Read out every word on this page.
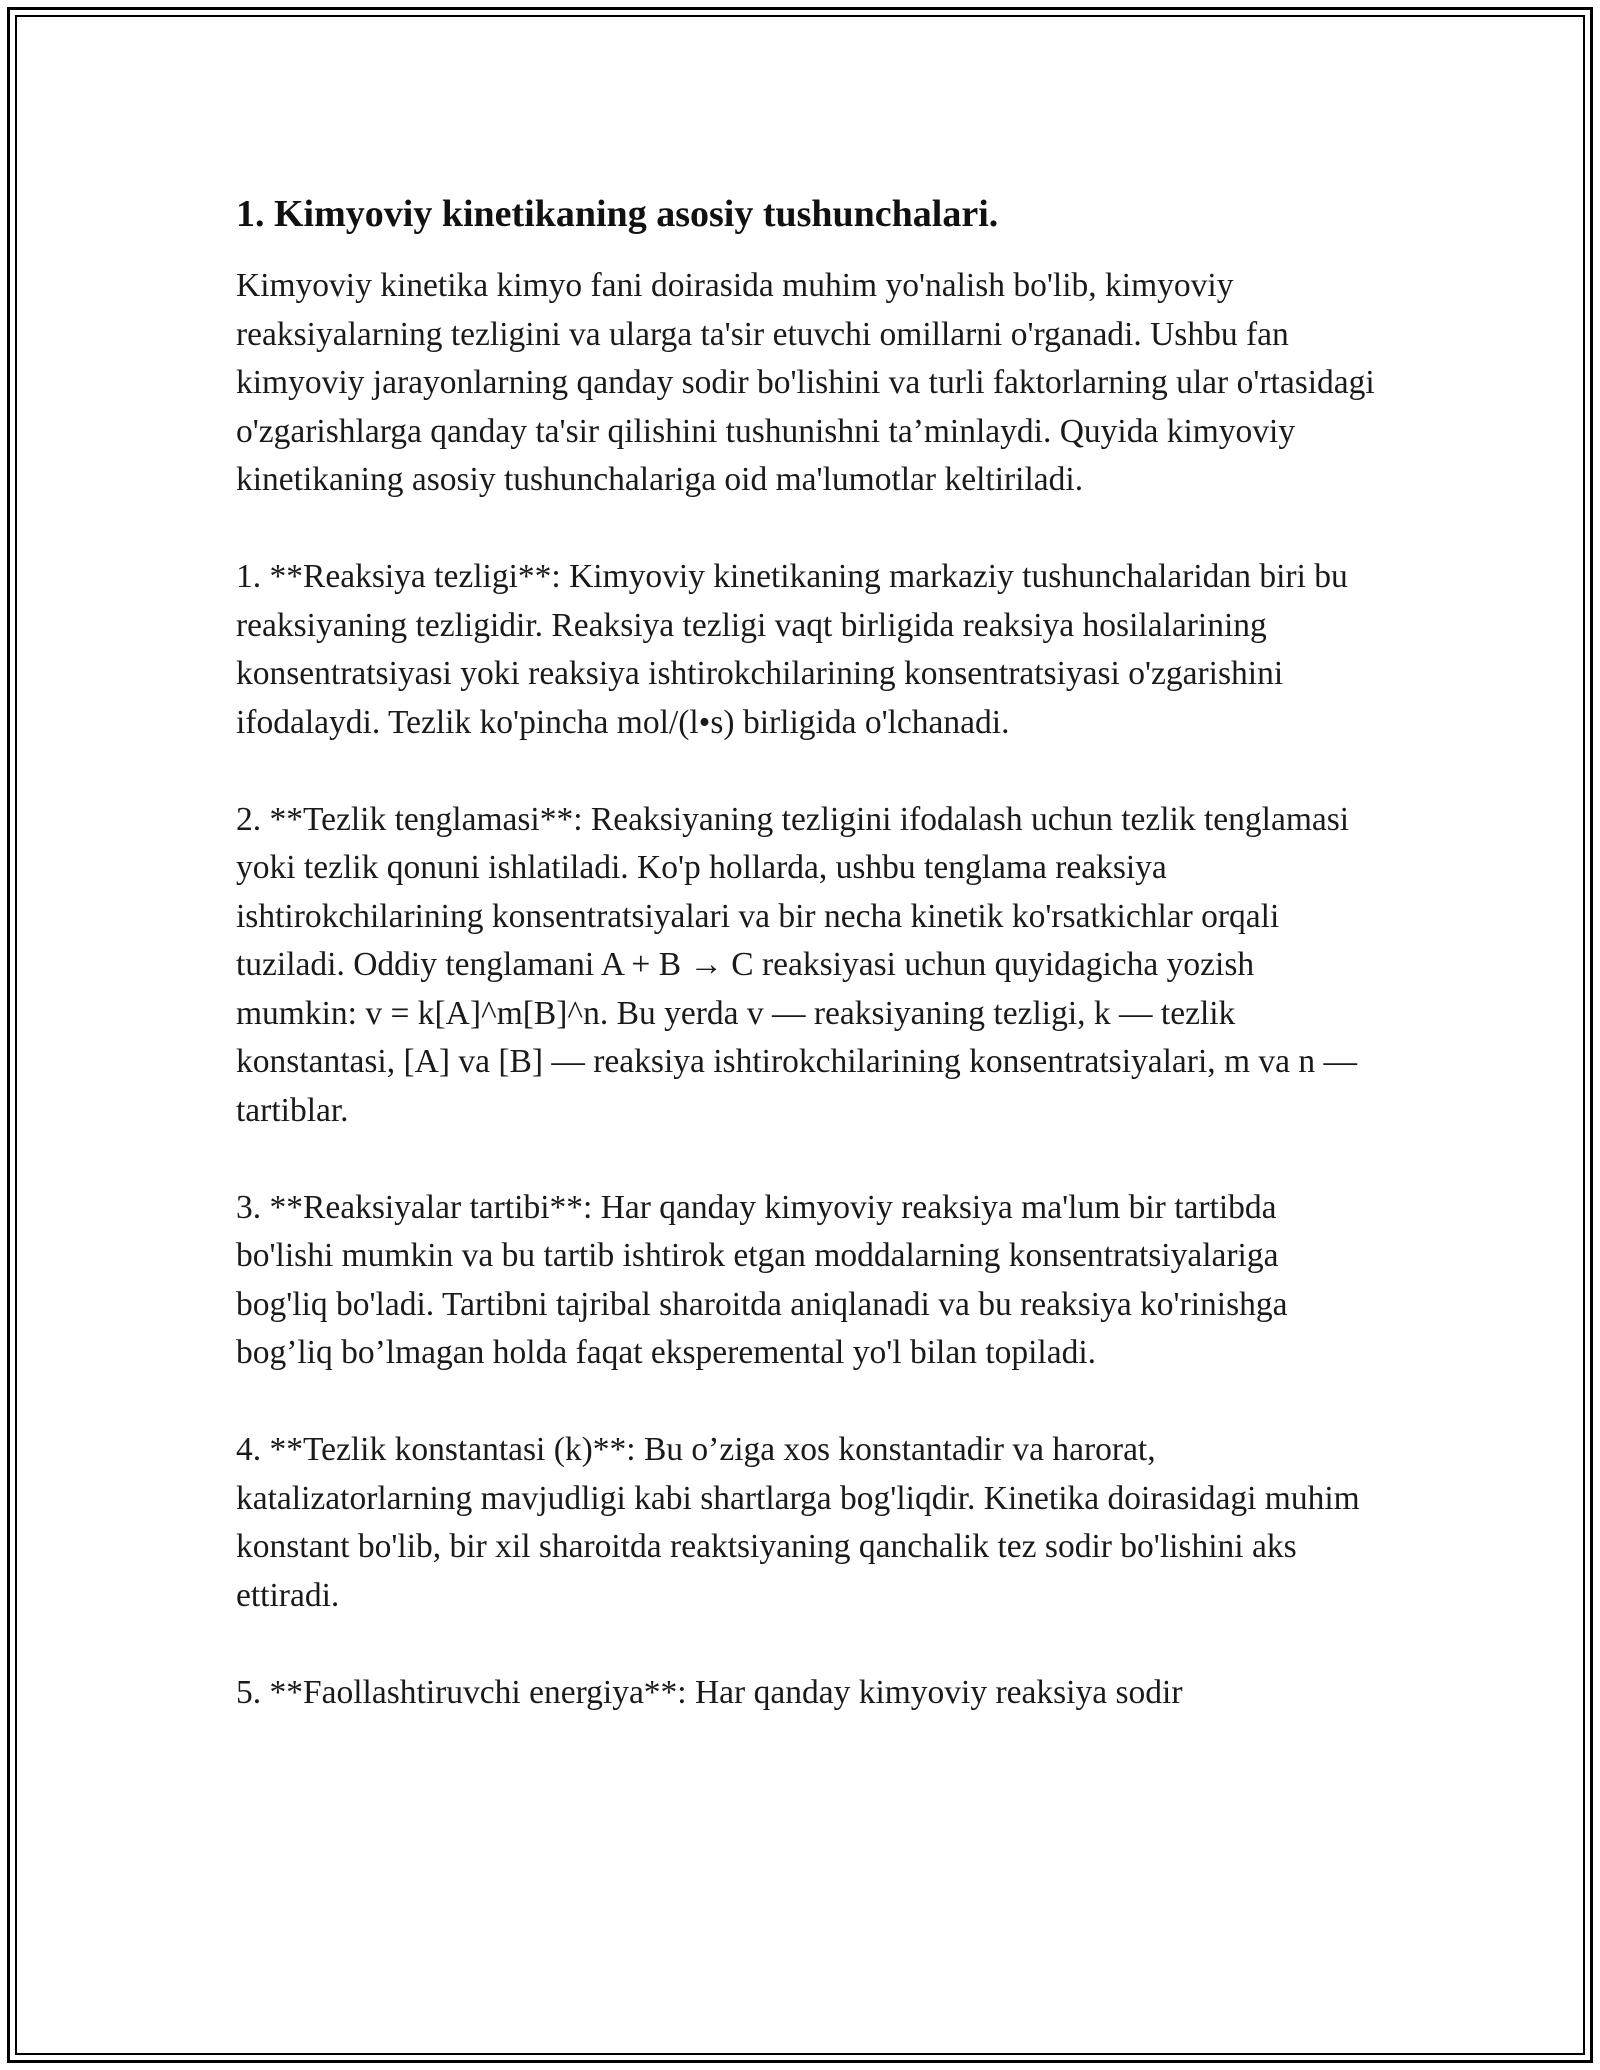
1. Kimyoviy kinetikaning asosiy tushunchalari.

Kimyoviy kinetika kimyo fani doirasida muhim yo'nalish bo'lib, kimyoviy reaksiyalarning tezligini va ularga ta'sir etuvchi omillarni o'rganadi. Ushbu fan kimyoviy jarayonlarning qanday sodir bo'lishini va turli faktorlarning ular o'rtasidagi o'zgarishlarga qanday ta'sir qilishini tushunishni ta’minlaydi. Quyida kimyoviy kinetikaning asosiy tushunchalariga oid ma'lumotlar keltiriladi.

1. **Reaksiya tezligi**: Kimyoviy kinetikaning markaziy tushunchalaridan biri bu reaksiyaning tezligidir. Reaksiya tezligi vaqt birligida reaksiya hosilalarining konsentratsiyasi yoki reaksiya ishtirokchilarining konsentratsiyasi o'zgarishini ifodalaydi. Tezlik ko'pincha mol/(l•s) birligida o'lchanadi.

2. **Tezlik tenglamasi**: Reaksiyaning tezligini ifodalash uchun tezlik tenglamasi yoki tezlik qonuni ishlatiladi. Ko'p hollarda, ushbu tenglama reaksiya ishtirokchilarining konsentratsiyalari va bir necha kinetik ko'rsatkichlar orqali tuziladi. Oddiy tenglamani A + B → C reaksiyasi uchun quyidagicha yozish mumkin: v = k[A]^m[B]^n. Bu yerda v — reaksiyaning tezligi, k — tezlik konstantasi, [A] va [B] — reaksiya ishtirokchilarining konsentratsiyalari, m va n — tartiblar.

3. **Reaksiyalar tartibi**: Har qanday kimyoviy reaksiya ma'lum bir tartibda bo'lishi mumkin va bu tartib ishtirok etgan moddalarning konsentratsiyalariga bog'liq bo'ladi. Tartibni tajribal sharoitda aniqlanadi va bu reaksiya ko'rinishga bog’liq bo’lmagan holda faqat eksperemental yo'l bilan topiladi.

4. **Tezlik konstantasi (k)**: Bu o’ziga xos konstantadir va harorat, katalizatorlarning mavjudligi kabi shartlarga bog'liqdir. Kinetika doirasidagi muhim konstant bo'lib, bir xil sharoitda reaktsiyaning qanchalik tez sodir bo'lishini aks ettiradi.

5. **Faollashtiruvchi energiya**: Har qanday kimyoviy reaksiya sodir
